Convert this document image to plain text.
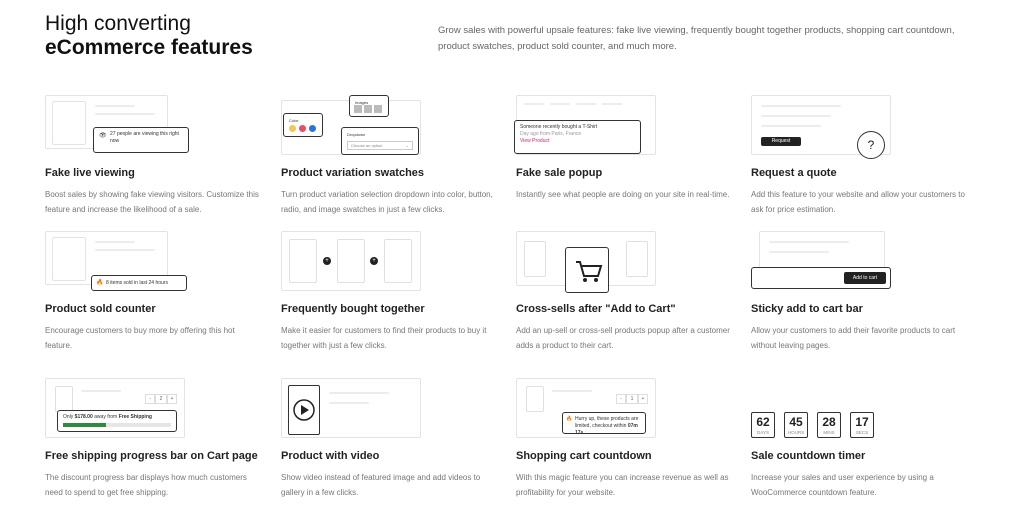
High converting
eCommerce features
Grow sales with powerful upsale features: fake live viewing, frequently bought together products, shopping cart countdown, product swatches, product sold counter, and much more.
👁 27 people are viewing this right now
Fake live viewing
Boost sales by showing fake viewing visitors. Customize this feature and increase the likelihood of a sale.
Images
Color
Dropdown
Choose an option	⌄
Product variation swatches
Turn product variation selection dropdown into color, button, radio, and image swatches in just a few clicks.
Someone recently bought a T-Shirt
Day ago from Paris, France
View Product
Fake sale popup
Instantly see what people are doing on your site in real-time.
Request	?
Request a quote
Add this feature to your website and allow your customers to ask for price estimation.
🔥 8 items sold in last 24 hours
Product sold counter
Encourage customers to buy more by offering this hot feature.
+	+
Frequently bought together
Make it easier for customers to find their products to buy it together with just a few clicks.
Cross-sells after "Add to Cart"
Add an up-sell or cross-sell products popup after a customer adds a product to their cart.
Add to cart
Sticky add to cart bar
Allow your customers to add their favorite products to cart without leaving pages.
-	2	+
Only $178.00 away from Free Shipping
Free shipping progress bar on Cart page
The discount progress bar displays how much customers need to spend to get free shipping.
Product with video
Show video instead of featured image and add videos to gallery in a few clicks.
-	1	+
🔥 Hurry up, these products are
limited, checkout within 07m 17s
Shopping cart countdown
With this magic feature you can increase revenue as well as profitability for your website.
62
DAYS
45
HOURS
28
MINS
17
SECS
Sale countdown timer
Increase your sales and user experience by using a WooCommerce countdown feature.
